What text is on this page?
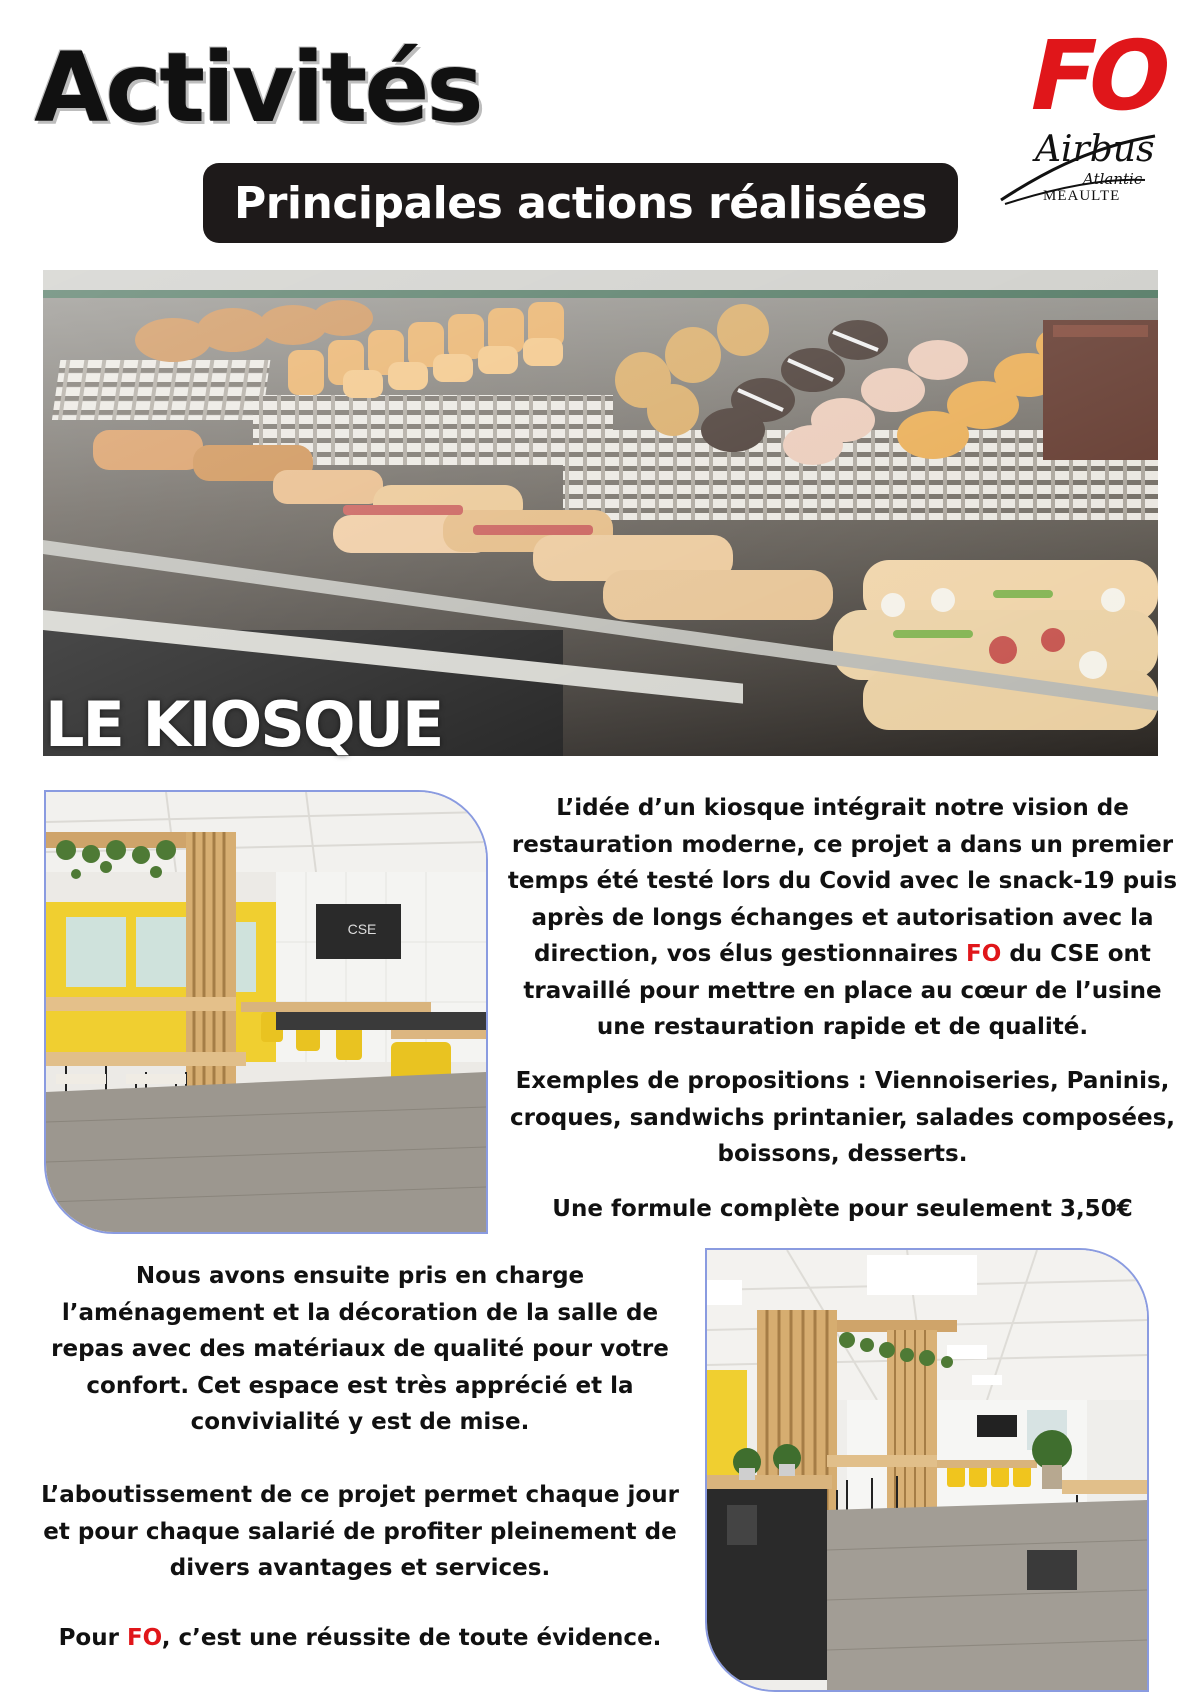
Activités	FO
Airbus
Atlantic
MEAULTE
Principales actions réalisées
LE KIOSQUE
CSE

L’idée d’un kiosque intégrait notre vision de restauration moderne, ce projet a dans un premier temps été testé lors du Covid avec le snack-19 puis après de longs échanges et autorisation avec la direction, vos élus gestionnaires FO du CSE ont travaillé pour mettre en place au cœur de l’usine une restauration rapide et de qualité.

Exemples de propositions : Viennoiseries, Paninis, croques, sandwichs printanier, salades composées, boissons, desserts.
Une formule complète pour seulement 3,50€
Nous avons ensuite pris en charge l’aménagement et la décoration de la salle de repas avec des matériaux de qualité pour votre confort. Cet espace est très apprécié et la convivialité y est de mise.
L’aboutissement de ce projet permet chaque jour et pour chaque salarié de profiter pleinement de divers avantages et services.

Pour FO, c’est une réussite de toute évidence.
